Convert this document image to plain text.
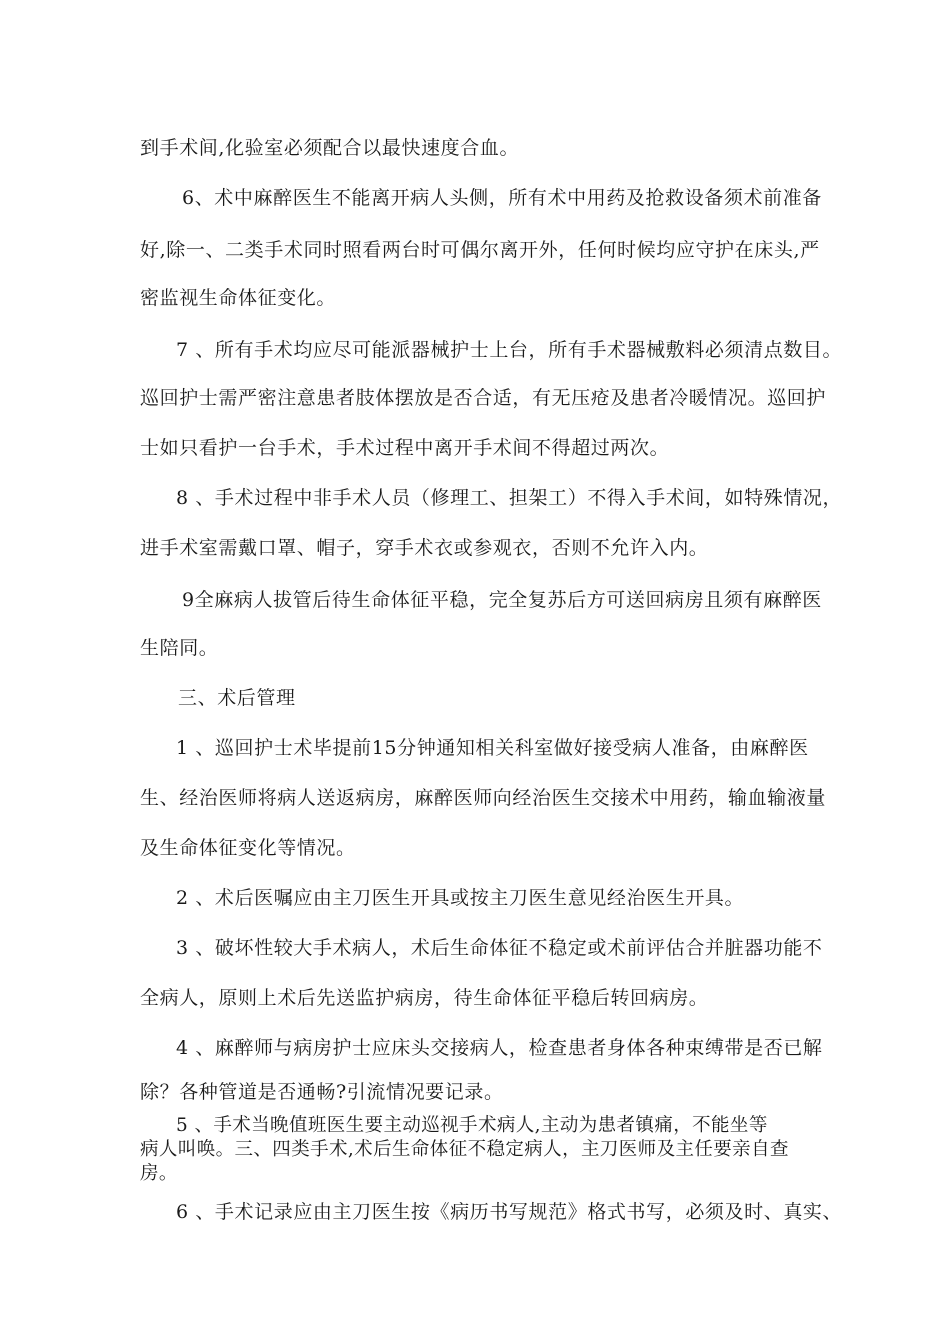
到手术间,化验室必须配合以最快速度合血。
6、术中麻醉医生不能离开病人头侧，所有术中用药及抢救设备须术前准备
好,除一、二类手术同时照看两台时可偶尔离开外，任何时候均应守护在床头,严
密监视生命体征变化。
7 、所有手术均应尽可能派器械护士上台，所有手术器械敷料必须清点数目。
巡回护士需严密注意患者肢体摆放是否合适，有无压疮及患者冷暖情况。巡回护
士如只看护一台手术，手术过程中离开手术间不得超过两次。
8 、手术过程中非手术人员（修理工、担架工）不得入手术间，如特殊情况，
进手术室需戴口罩、帽子，穿手术衣或参观衣，否则不允许入内。
9全麻病人拔管后待生命体征平稳，完全复苏后方可送回病房且须有麻醉医
生陪同。
三、术后管理
1 、巡回护士术毕提前15分钟通知相关科室做好接受病人准备，由麻醉医
生、经治医师将病人送返病房，麻醉医师向经治医生交接术中用药，输血输液量
及生命体征变化等情况。
2 、术后医嘱应由主刀医生开具或按主刀医生意见经治医生开具。
3 、破坏性较大手术病人，术后生命体征不稳定或术前评估合并脏器功能不
全病人，原则上术后先送监护病房，待生命体征平稳后转回病房。
4 、麻醉师与病房护士应床头交接病人，检查患者身体各种束缚带是否已解
除？各种管道是否通畅?引流情况要记录。
5 、手术当晚值班医生要主动巡视手术病人,主动为患者镇痛，不能坐等
病人叫唤。三、四类手术,术后生命体征不稳定病人，主刀医师及主任要亲自查
房。
6 、手术记录应由主刀医生按《病历书写规范》格式书写，必须及时、真实、
